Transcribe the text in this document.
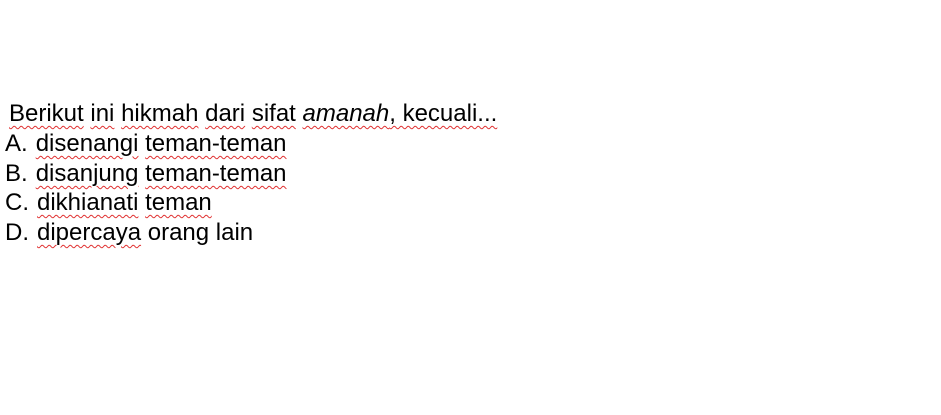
Berikut ini hikmah dari sifat amanah, kecuali...
A. disenangi teman-teman
B. disanjung teman-teman
C. dikhianati teman
D. dipercaya orang lain
